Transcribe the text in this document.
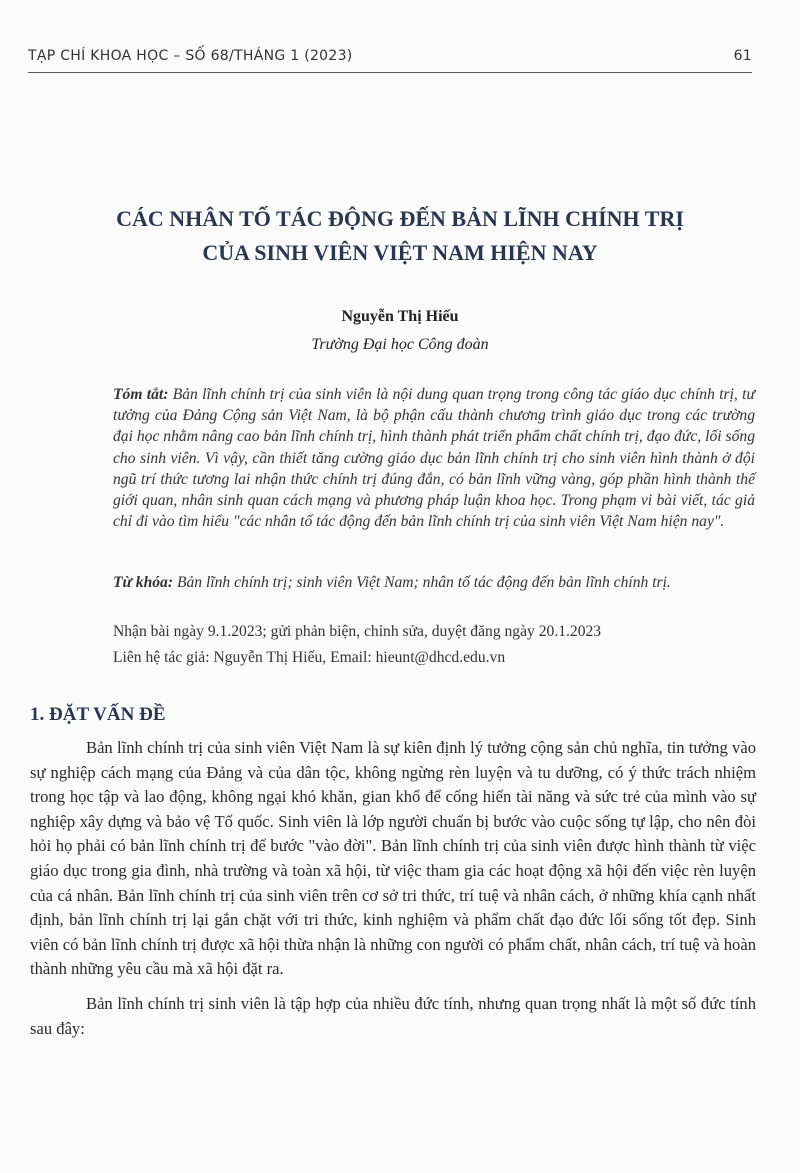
TẠP CHÍ KHOA HỌC – SỐ 68/THÁNG 1 (2023)	61
CÁC NHÂN TỐ TÁC ĐỘNG ĐẾN BẢN LĨNH CHÍNH TRỊ
CỦA SINH VIÊN VIỆT NAM HIỆN NAY
Nguyễn Thị Hiếu
Trường Đại học Công đoàn
Tóm tắt: Bản lĩnh chính trị của sinh viên là nội dung quan trọng trong công tác giáo dục chính trị, tư tưởng của Đảng Cộng sản Việt Nam, là bộ phận cấu thành chương trình giáo dục trong các trường đại học nhằm nâng cao bản lĩnh chính trị, hình thành phát triển phẩm chất chính trị, đạo đức, lối sống cho sinh viên. Vì vậy, cần thiết tăng cường giáo dục bản lĩnh chính trị cho sinh viên hình thành ở đội ngũ trí thức tương lai nhận thức chính trị đúng đắn, có bản lĩnh vững vàng, góp phần hình thành thế giới quan, nhân sinh quan cách mạng và phương pháp luận khoa học. Trong phạm vi bài viết, tác giả chỉ đi vào tìm hiểu "các nhân tố tác động đến bản lĩnh chính trị của sinh viên Việt Nam hiện nay".
Từ khóa: Bản lĩnh chính trị; sinh viên Việt Nam; nhân tố tác động đến bản lĩnh chính trị.
Nhận bài ngày 9.1.2023; gửi phản biện, chỉnh sửa, duyệt đăng ngày 20.1.2023
Liên hệ tác giả: Nguyễn Thị Hiếu, Email: hieunt@dhcd.edu.vn
1. ĐẶT VẤN ĐỀ

Bản lĩnh chính trị của sinh viên Việt Nam là sự kiên định lý tưởng cộng sản chủ nghĩa, tin tưởng vào sự nghiệp cách mạng của Đảng và của dân tộc, không ngừng rèn luyện và tu dưỡng, có ý thức trách nhiệm trong học tập và lao động, không ngại khó khăn, gian khổ để cống hiến tài năng và sức trẻ của mình vào sự nghiệp xây dựng và bảo vệ Tổ quốc. Sinh viên là lớp người chuẩn bị bước vào cuộc sống tự lập, cho nên đòi hỏi họ phải có bản lĩnh chính trị để bước "vào đời". Bản lĩnh chính trị của sinh viên được hình thành từ việc giáo dục trong gia đình, nhà trường và toàn xã hội, từ việc tham gia các hoạt động xã hội đến việc rèn luyện của cá nhân. Bản lĩnh chính trị của sinh viên trên cơ sở tri thức, trí tuệ và nhân cách, ở những khía cạnh nhất định, bản lĩnh chính trị lại gắn chặt với tri thức, kinh nghiệm và phẩm chất đạo đức lối sống tốt đẹp. Sinh viên có bản lĩnh chính trị được xã hội thừa nhận là những con người có phẩm chất, nhân cách, trí tuệ và hoàn thành những yêu cầu mà xã hội đặt ra.

Bản lĩnh chính trị sinh viên là tập hợp của nhiều đức tính, nhưng quan trọng nhất là một số đức tính sau đây:
